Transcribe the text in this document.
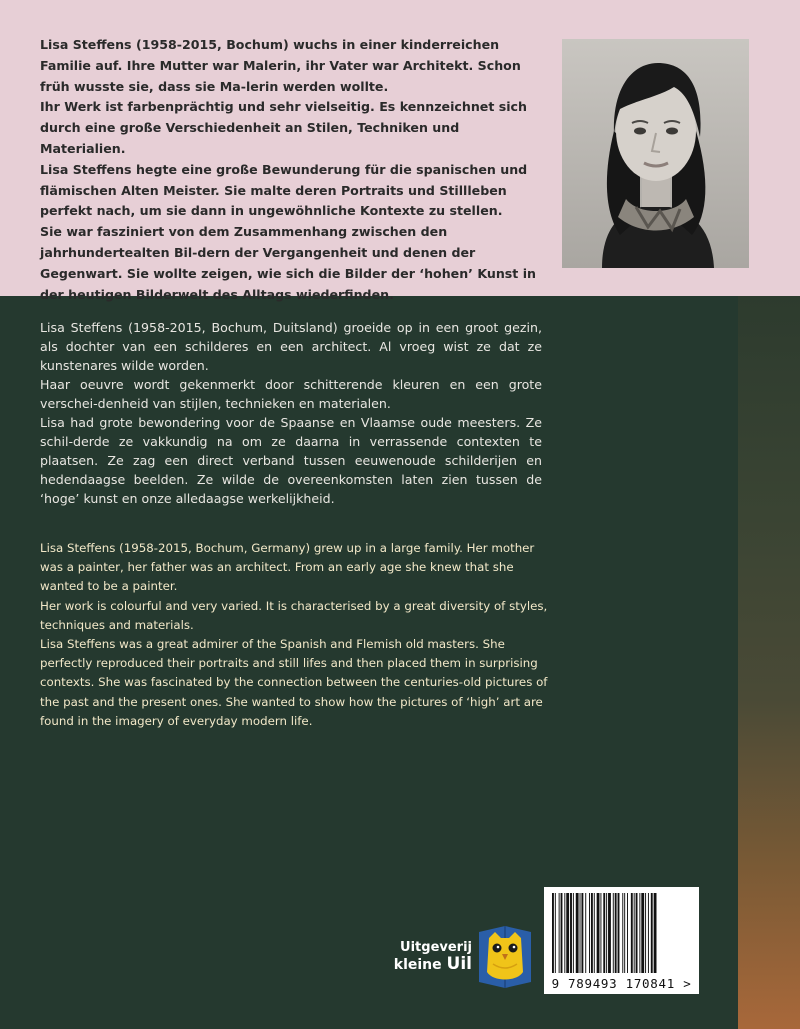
Lisa Steffens (1958-2015, Bochum) wuchs in einer kinderreichen Familie auf. Ihre Mutter war Malerin, ihr Vater war Architekt. Schon früh wusste sie, dass sie Ma-lerin werden wollte.

Ihr Werk ist farbenprächtig und sehr vielseitig. Es kennzeichnet sich durch eine große Verschiedenheit an Stilen, Techniken und Materialien.

Lisa Steffens hegte eine große Bewunderung für die spanischen und flämischen Alten Meister. Sie malte deren Portraits und Stillleben perfekt nach, um sie dann in ungewöhnliche Kontexte zu stellen.

Sie war fasziniert von dem Zusammenhang zwischen den jahrhundertealten Bil-dern der Vergangenheit und denen der Gegenwart. Sie wollte zeigen, wie sich die Bilder der ‘hohen’ Kunst in der heutigen Bilderwelt des Alltags wiederfinden.

Lisa Steffens (1958-2015, Bochum, Duitsland) groeide op in een groot gezin, als dochter van een schilderes en een architect. Al vroeg wist ze dat ze kunstenares wilde worden.

Haar oeuvre wordt gekenmerkt door schitterende kleuren en een grote verschei-denheid van stijlen, technieken en materialen.

Lisa had grote bewondering voor de Spaanse en Vlaamse oude meesters. Ze schil-derde ze vakkundig na om ze daarna in verrassende contexten te plaatsen. Ze zag een direct verband tussen eeuwenoude schilderijen en hedendaagse beelden. Ze wilde de overeenkomsten laten zien tussen de ‘hoge’ kunst en onze alledaagse werkelijkheid.

Lisa Steffens (1958-2015, Bochum, Germany) grew up in a large family. Her mother was a painter, her father was an architect. From an early age she knew that she wanted to be a painter.

Her work is colourful and very varied. It is characterised by a great diversity of styles, techniques and materials.

Lisa Steffens was a great admirer of the Spanish and Flemish old masters. She perfectly reproduced their portraits and still lifes and then placed them in surprising contexts. She was fascinated by the connection between the centuries-old pictures of the past and the present ones. She wanted to show how the pictures of ‘high’ art are found in the imagery of everyday modern life.

Uitgeverij
kleine Uil
9 789493 170841 >
